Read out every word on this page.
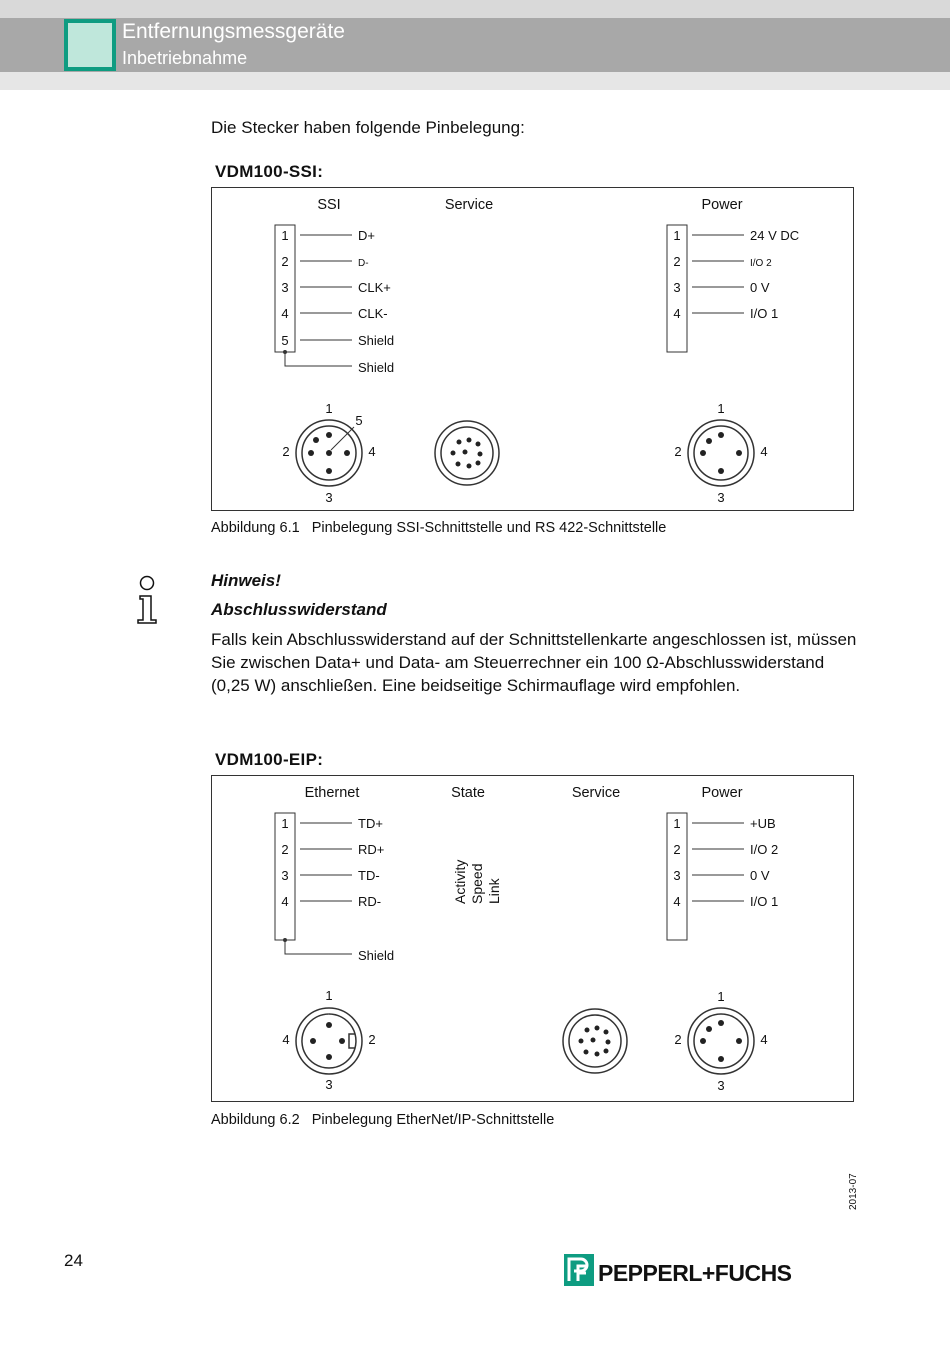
Entfernungsmessgeräte
Inbetriebnahme
Die Stecker haben folgende Pinbelegung:
VDM100-SSI:
SSI	Service	Power
1	D+
2	D-
3	CLK+
4	CLK-
5	Shield
Shield
1	24 V DC
2	I/O 2
3	0 V
4	I/O 1
1
5
2	4
3
1
2	4
3
Abbildung 6.1 Pinbelegung SSI-Schnittstelle und RS 422-Schnittstelle
Hinweis!
Abschlusswiderstand
Falls kein Abschlusswiderstand auf der Schnittstellenkarte angeschlossen ist, müssen Sie zwischen Data+ und Data- am Steuerrechner ein 100 Ω-Abschlusswiderstand (0,25 W) anschließen. Eine beidseitige Schirmauflage wird empfohlen.
VDM100-EIP:
Ethernet	State	Service	Power
1	TD+
2	RD+
3	TD-
4	RD-
Shield
Activity Speed Link
1	+UB
2	I/O 2
3	0 V
4	I/O 1
1
4	2
3
1
2	4
3
Abbildung 6.2 Pinbelegung EtherNet/IP-Schnittstelle
2013-07
24	PEPPERL+FUCHS
